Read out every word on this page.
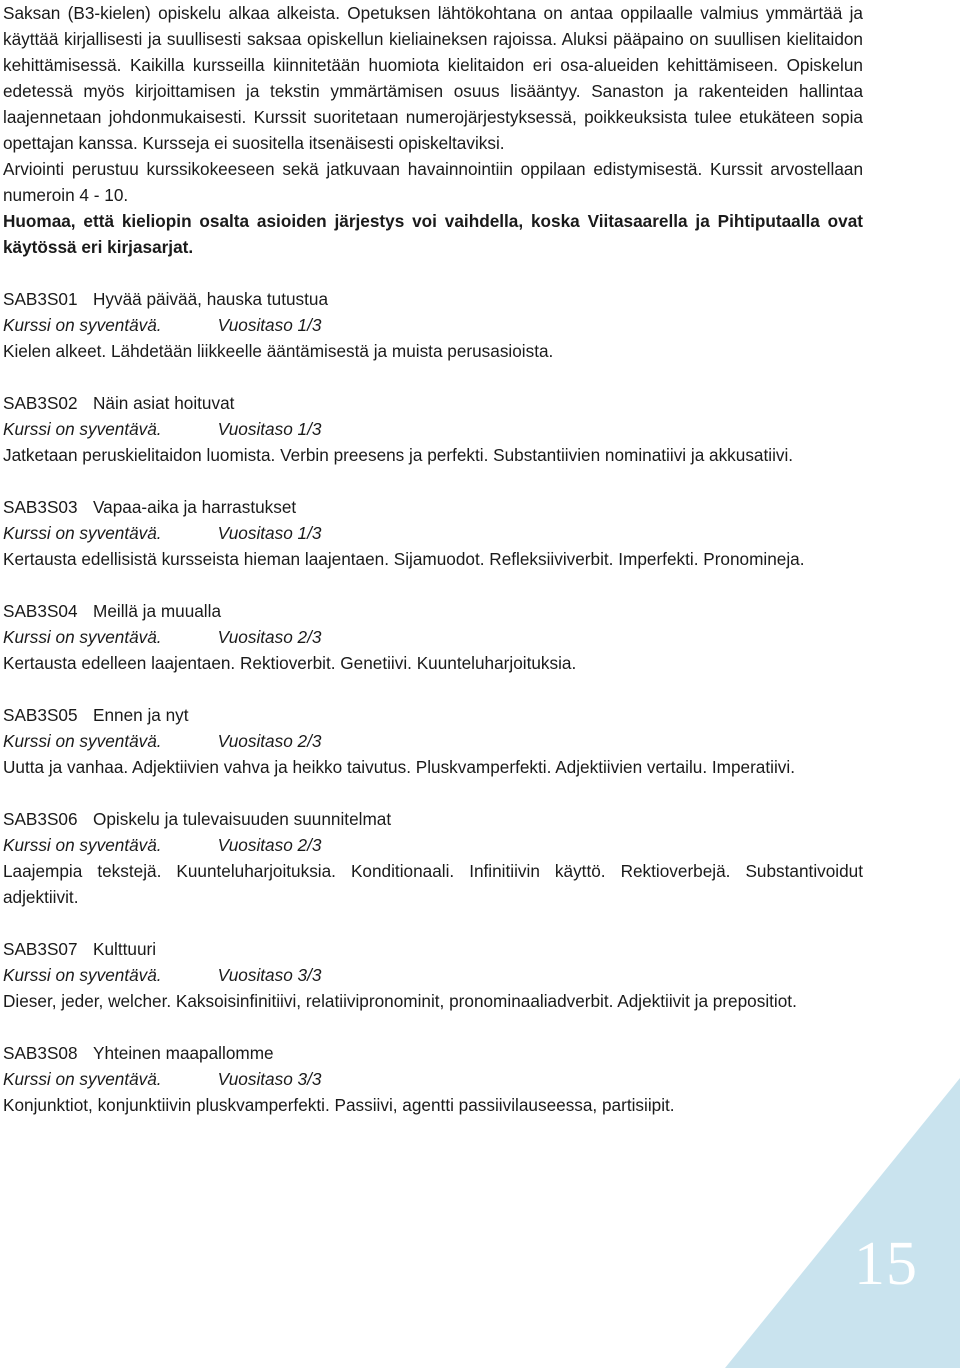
Saksan (B3-kielen) opiskelu alkaa alkeista. Opetuksen lähtökohtana on antaa oppilaalle valmius ymmärtää ja käyttää kirjallisesti ja suullisesti saksaa opiskellun kieliaineksen rajoissa. Aluksi pääpaino on suullisen kielitaidon kehittämisessä. Kaikilla kursseilla kiinnitetään huomiota kielitaidon eri osa-alueiden kehittämiseen. Opiskelun edetessä myös kirjoittamisen ja tekstin ymmärtämisen osuus lisääntyy. Sanaston ja rakenteiden hallintaa laajennetaan johdonmukaisesti. Kurssit suoritetaan numerojärjestyksessä, poikkeuksista tulee etukäteen sopia opettajan kanssa. Kursseja ei suositella itsenäisesti opiskeltaviksi.

Arviointi perustuu kurssikokeeseen sekä jatkuvaan havainnointiin oppilaan edistymisestä. Kurssit arvostellaan numeroin 4 - 10.

Huomaa, että kieliopin osalta asioiden järjestys voi vaihdella, koska Viitasaarella ja Pihtiputaalla ovat käytössä eri kirjasarjat.

SAB3S01 Hyvää päivää, hauska tutustua

Kurssi on syventävä.	Vuositaso 1/3

Kielen alkeet. Lähdetään liikkeelle ääntämisestä ja muista perusasioista.

SAB3S02 Näin asiat hoituvat

Kurssi on syventävä.	Vuositaso 1/3

Jatketaan peruskielitaidon luomista. Verbin preesens ja perfekti. Substantiivien nominatiivi ja akkusatiivi.

SAB3S03 Vapaa-aika ja harrastukset

Kurssi on syventävä.	Vuositaso 1/3

Kertausta edellisistä kursseista hieman laajentaen. Sijamuodot. Refleksiiviverbit. Imperfekti. Pronomineja.

SAB3S04 Meillä ja muualla

Kurssi on syventävä.	Vuositaso 2/3

Kertausta edelleen laajentaen. Rektioverbit. Genetiivi. Kuunteluharjoituksia.

SAB3S05 Ennen ja nyt

Kurssi on syventävä.	Vuositaso 2/3

Uutta ja vanhaa. Adjektiivien vahva ja heikko taivutus. Pluskvamperfekti. Adjektiivien vertailu. Imperatiivi.

SAB3S06 Opiskelu ja tulevaisuuden suunnitelmat

Kurssi on syventävä.	Vuositaso 2/3

Laajempia tekstejä. Kuunteluharjoituksia. Konditionaali. Infinitiivin käyttö. Rektioverbejä. Substantivoidut adjektiivit.

SAB3S07 Kulttuuri

Kurssi on syventävä.	Vuositaso 3/3

Dieser, jeder, welcher. Kaksoisinfinitiivi, relatiivipronominit, pronominaaliadverbit. Adjektiivit ja prepositiot.

SAB3S08 Yhteinen maapallomme

Kurssi on syventävä.	Vuositaso 3/3

Konjunktiot, konjunktiivin pluskvamperfekti. Passiivi, agentti passiivilauseessa, partisiipit.

15
